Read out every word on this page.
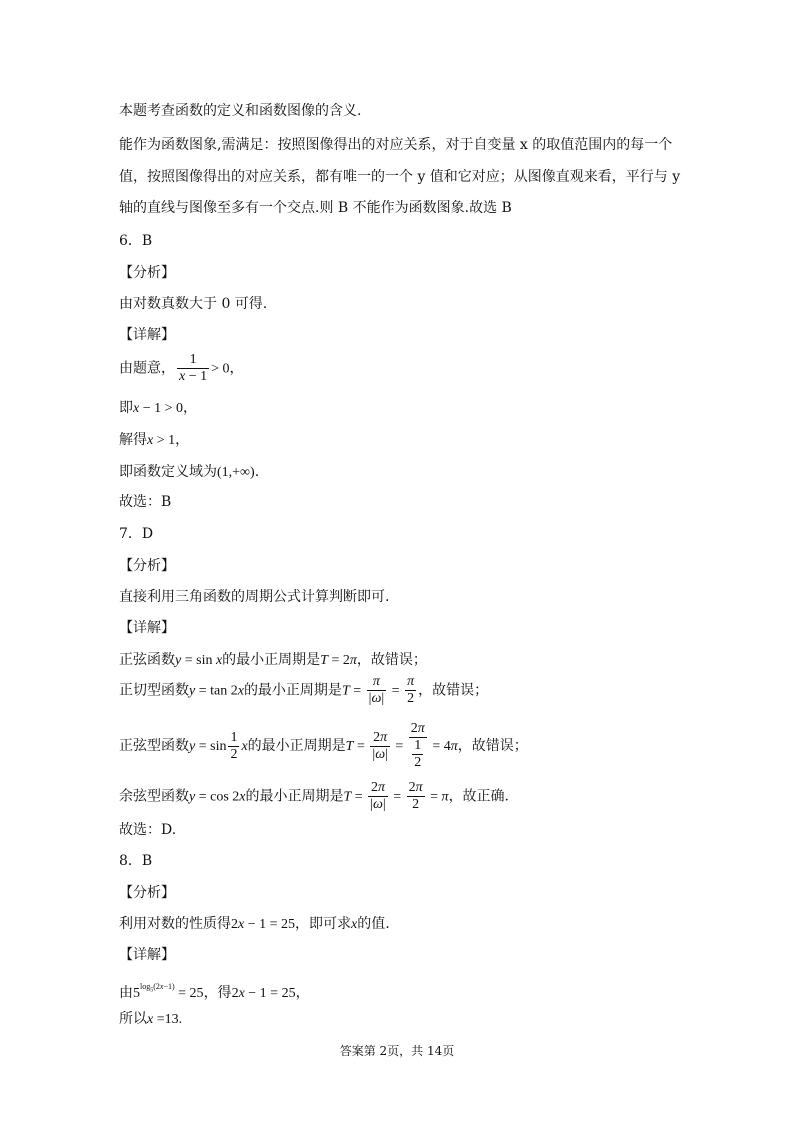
本题考查函数的定义和函数图像的含义.
能作为函数图象,需满足：按照图像得出的对应关系，对于自变量 x 的取值范围内的每一个
值，按照图像得出的对应关系，都有唯一的一个 y 值和它对应；从图像直观来看，平行与 y
轴的直线与图像至多有一个交点.则 B 不能作为函数图象.故选 B
6．B
【分析】
由对数真数大于 0 可得.
【详解】
由题意， $\frac{1}{x - 1} > 0$，
即x − 1 > 0，
解得x > 1，
即函数定义域为(1,+∞).
故选：B
7．D
【分析】
直接利用三角函数的周期公式计算判断即可.
【详解】
正弦函数y = sin x的最小正周期是T = 2π，故错误；
正切型函数y = tan 2x的最小正周期是$T = \frac{\pi}{|\omega|} = \frac{\pi}{2}$ ，故错误；
正弦型函数$y = \sin \frac{1}{2}$ x的最小正周期是$T = \frac{2\pi}{|\omega|} = \frac{2\pi}{\frac{1}{2}} = 4\pi$，故错误；
余弦型函数y = cos 2x的最小正周期是$T = \frac{2\pi}{|\omega|} = \frac{2\pi}{2} = \pi$，故正确.
故选：D.
8．B
【分析】
利用对数的性质得2x − 1 = 25，即可求x的值.
【详解】
由$5^{log_5(2x-1)} = 25$，得2x − 1 = 25，
所以x =13.
答案第 2页，共 14页
